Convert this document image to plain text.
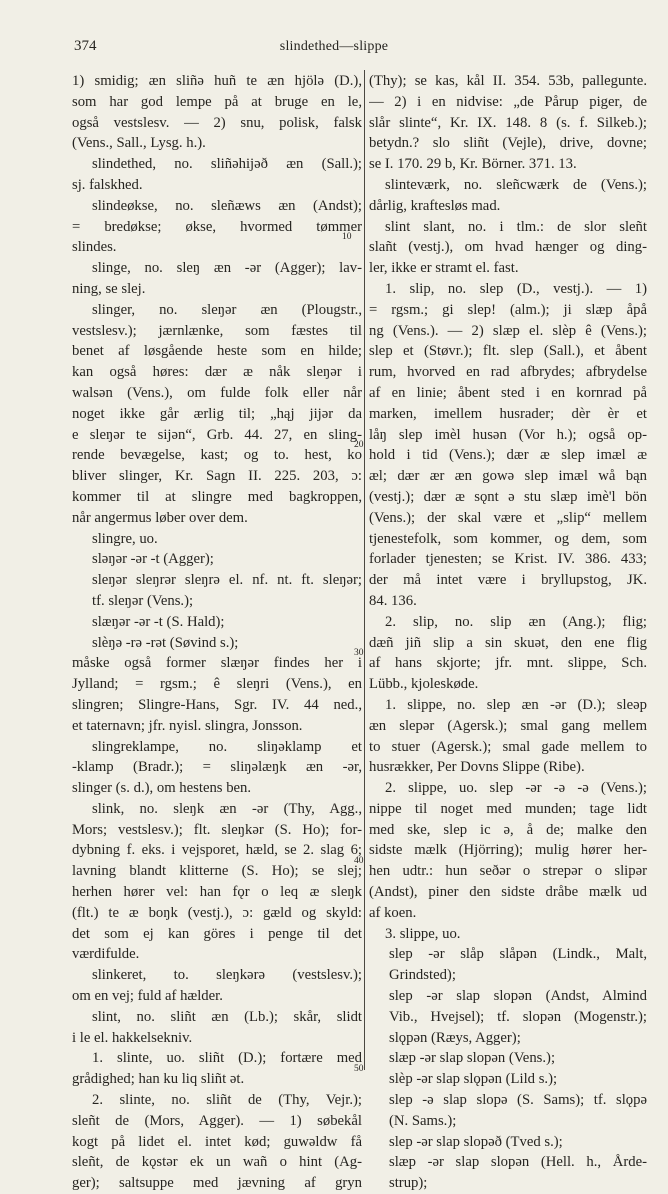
374	slindethed—slippe
1) smidig; æn sliñə huñ te æn hjölə (D.),
som har god lempe på at bruge en le,
også vestslesv. — 2) snu, polisk, falsk
(Vens., Sall., Lysg. h.).
slindethed, no. sliñəhijəð æn (Sall.);
sj. falskhed.
slindeøkse, no. sleñæws æn (Andst);
= bredøkse; økse, hvormed tømmer
slindes.
slinge, no. sleŋ æn -ər (Agger); lav-
ning, se slej.
slinger, no. sleŋər æn (Plougstr.,
vestslesv.); jærnlænke, som fæstes til
benet af løsgående heste som en hilde;
kan også høres: dær æ nåk sleŋər i
walsən (Vens.), om fulde folk eller når
noget ikke går ærlig til; „hąj jijər da
e sleŋər te sijən“, Grb. 44. 27, en sling-
rende bevægelse, kast; og to. hest, ko
bliver slinger, Kr. Sagn II. 225. 203, ɔ:
kommer til at slingre med bagkroppen,
når angermus løber over dem.
slingre, uo.
sləŋər -ər -t (Agger);
sleŋər sleŋrər sleŋrə el. nf. nt. ft. sleŋər;
tf. sleŋər (Vens.);
slæŋər -ər -t (S. Hald);
slèŋə -rə -rət (Søvind s.);
måske også former slæŋər findes her i
Jylland; = rgsm.; ê sleŋri (Vens.), en
slingren; Slingre-Hans, Sgr. IV. 44 ned.,
et taternavn; jfr. nyisl. slingra, Jonsson.
slingreklampe, no. sliŋəklamp et
-klamp (Bradr.); = sliŋəlæŋk æn -ər,
slinger (s. d.), om hestens ben.
slink, no. sleŋk æn -ər (Thy, Agg.,
Mors; vestslesv.); flt. sleŋkər (S. Ho); for-
dybning f. eks. i vejsporet, hæld, se 2. slag 6;
lavning blandt klitterne (S. Ho); se slej;
herhen hører vel: han fǫr o leq æ sleŋk
(flt.) te æ boŋk (vestj.), ɔ: gæld og skyld:
det som ej kan göres i penge til det
værdifulde.
slinkeret, to. sleŋkərə (vestslesv.);
om en vej; fuld af hælder.
slint, no. sliñt æn (Lb.); skår, slidt
i le el. hakkelsekniv.
1. slinte, uo. sliñt (D.); fortære med
grådighed; han ku liq sliñt ət.
2. slinte, no. sliñt de (Thy, Vejr.);
sleñt de (Mors, Agger). — 1) søbekål
kogt på lidet el. intet kød; guwəldw få
sleñt, de kǫstər ek un wañ o hint (Ag-
ger); saltsuppe med jævning af gryn
(Thy); se kas, kål II. 354. 53b, pallegunte.
— 2) i en nidvise: „de Pårup piger, de
slår slinte“, Kr. IX. 148. 8 (s. f. Silkeb.);
betydn.? slo sliñt (Vejle), drive, dovne;
se I. 170. 29 b, Kr. Börner. 371. 13.
slinteværk, no. sleñcwærk de (Vens.);
dårlig, kraftesløs mad.
slint slant, no. i tlm.: de slor sleñt
slañt (vestj.), om hvad hænger og ding-
ler, ikke er stramt el. fast.
1. slip, no. slep (D., vestj.). — 1)
= rgsm.; gi slep! (alm.); ji slæp åpå
ng (Vens.). — 2) slæp el. slèp ê (Vens.);
slep et (Støvr.); flt. slep (Sall.), et åbent
rum, hvorved en rad afbrydes; afbrydelse
af en linie; åbent sted i en kornrad på
marken, imellem husrader; dèr èr et
låŋ slep imèl husən (Vor h.); også op-
hold i tid (Vens.); dær æ slep imæl æ
æl; dær ær æn gowə slep imæl wå bąn
(vestj.); dær æ sǫnt ə stu slæp imè'l bön
(Vens.); der skal være et „slip“ mellem
tjenestefolk, som kommer, og dem, som
forlader tjenesten; se Krist. IV. 386. 433;
der må intet være i bryllupstog, JK.
84. 136.
2. slip, no. slip æn (Ang.); flig;
dæñ jiñ slip a sin skuət, den ene flig
af hans skjorte; jfr. mnt. slippe, Sch.
Lübb., kjoleskøde.
1. slippe, no. slep æn -ər (D.); sleəp
æn slepər (Agersk.); smal gang mellem
to stuer (Agersk.); smal gade mellem to
husrækker, Per Dovns Slippe (Ribe).
2. slippe, uo. slep -ər -ə -ə (Vens.);
nippe til noget med munden; tage lidt
med ske, slep ic ə, å de; malke den
sidste mælk (Hjörring); mulig hører her-
hen udtr.: hun seðər o strepər o slipər
(Andst), piner den sidste dråbe mælk ud
af koen.
3. slippe, uo.
slep -ər slåp slåpən (Lindk., Malt,
Grindsted);
slep -ər slap slopən (Andst, Almind
Vib., Hvejsel); tf. slopən (Mogenstr.);
slǫpən (Ræys, Agger);
slæp -ər slap slopən (Vens.);
slèp -ər slap slǫpən (Lild s.);
slep -ə slap slopə (S. Sams); tf. slǫpə
(N. Sams.);
slep -ər slap slopəð (Tved s.);
slæp -ər slap slopən (Hell. h., Årde-
strup);
10
20
30
40
50
